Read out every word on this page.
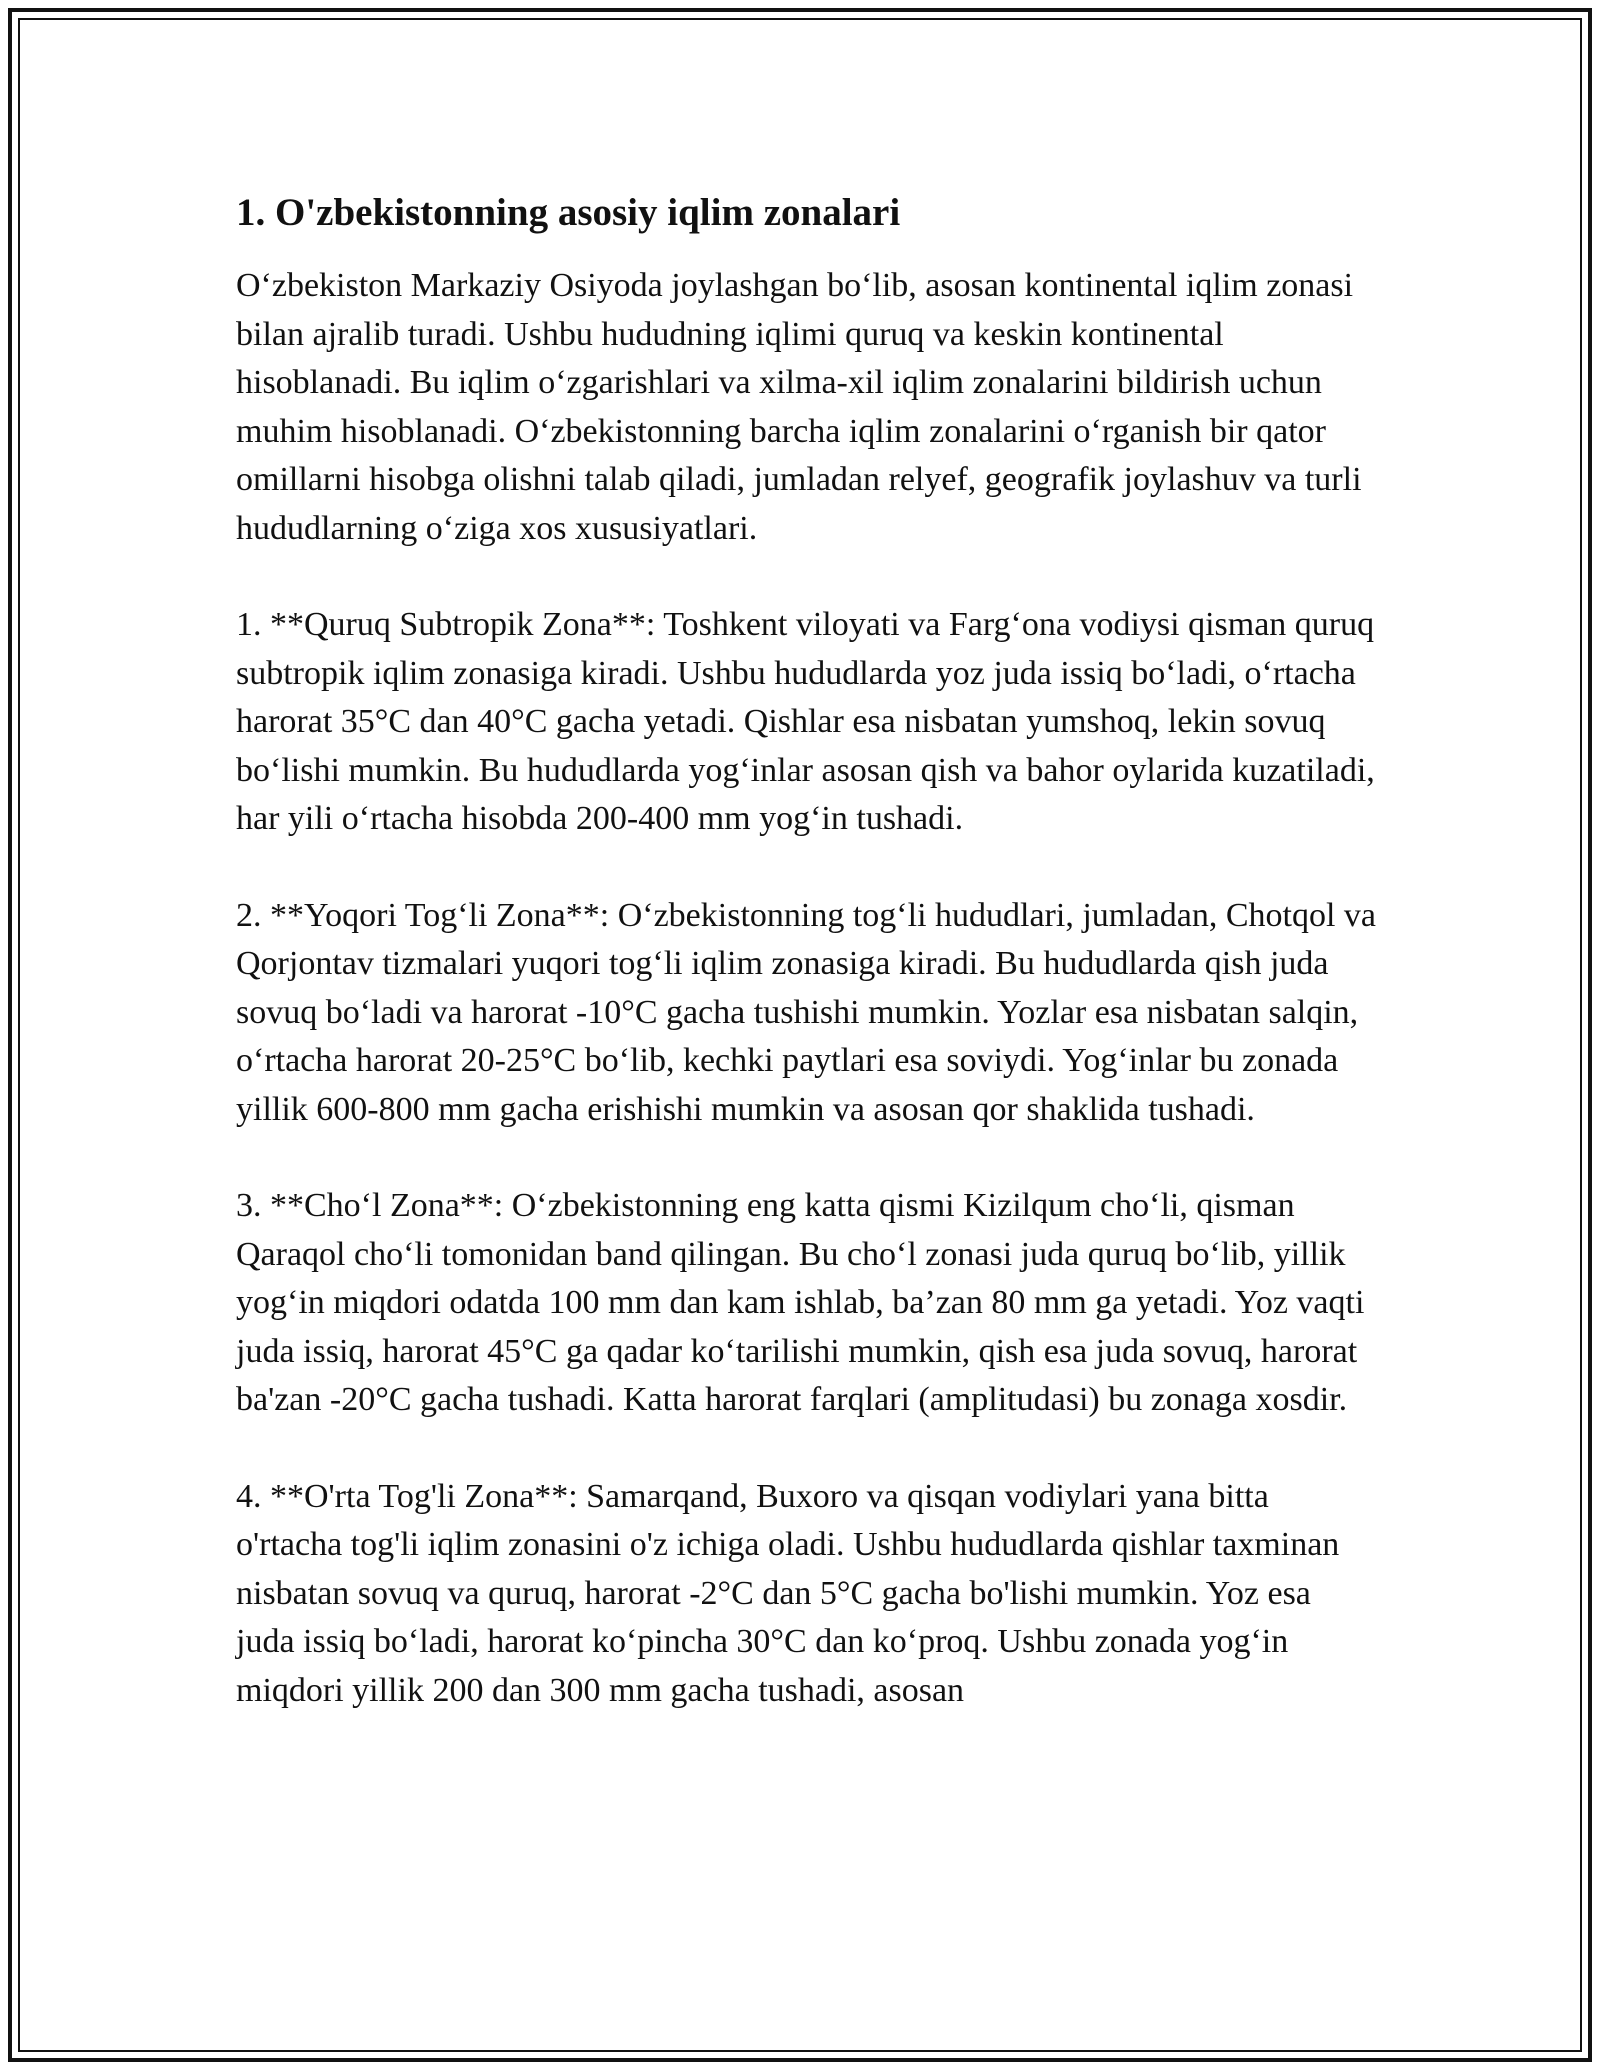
1. O'zbekistonning asosiy iqlim zonalari

O‘zbekiston Markaziy Osiyoda joylashgan bo‘lib, asosan kontinental iqlim zonasi bilan ajralib turadi. Ushbu hududning iqlimi quruq va keskin kontinental hisoblanadi. Bu iqlim o‘zgarishlari va xilma-xil iqlim zonalarini bildirish uchun muhim hisoblanadi. O‘zbekistonning barcha iqlim zonalarini o‘rganish bir qator omillarni hisobga olishni talab qiladi, jumladan relyef, geografik joylashuv va turli hududlarning o‘ziga xos xususiyatlari.

1. **Quruq Subtropik Zona**: Toshkent viloyati va Farg‘ona vodiysi qisman quruq subtropik iqlim zonasiga kiradi. Ushbu hududlarda yoz juda issiq bo‘ladi, o‘rtacha harorat 35°C dan 40°C gacha yetadi. Qishlar esa nisbatan yumshoq, lekin sovuq bo‘lishi mumkin. Bu hududlarda yog‘inlar asosan qish va bahor oylarida kuzatiladi, har yili o‘rtacha hisobda 200-400 mm yog‘in tushadi.

2. **Yoqori Tog‘li Zona**: O‘zbekistonning tog‘li hududlari, jumladan, Chotqol va Qorjontav tizmalari yuqori tog‘li iqlim zonasiga kiradi. Bu hududlarda qish juda sovuq bo‘ladi va harorat -10°C gacha tushishi mumkin. Yozlar esa nisbatan salqin, o‘rtacha harorat 20-25°C bo‘lib, kechki paytlari esa soviydi. Yog‘inlar bu zonada yillik 600-800 mm gacha erishishi mumkin va asosan qor shaklida tushadi.

3. **Cho‘l Zona**: O‘zbekistonning eng katta qismi Kizilqum cho‘li, qisman Qaraqol cho‘li tomonidan band qilingan. Bu cho‘l zonasi juda quruq bo‘lib, yillik yog‘in miqdori odatda 100 mm dan kam ishlab, ba’zan 80 mm ga yetadi. Yoz vaqti juda issiq, harorat 45°C ga qadar ko‘tarilishi mumkin, qish esa juda sovuq, harorat ba'zan -20°C gacha tushadi. Katta harorat farqlari (amplitudasi) bu zonaga xosdir.

4. **O'rta Tog'li Zona**: Samarqand, Buxoro va qisqan vodiylari yana bitta o'rtacha tog'li iqlim zonasini o'z ichiga oladi. Ushbu hududlarda qishlar taxminan nisbatan sovuq va quruq, harorat -2°C dan 5°C gacha bo'lishi mumkin. Yoz esa juda issiq bo‘ladi, harorat ko‘pincha 30°C dan ko‘proq. Ushbu zonada yog‘in miqdori yillik 200 dan 300 mm gacha tushadi, asosan
